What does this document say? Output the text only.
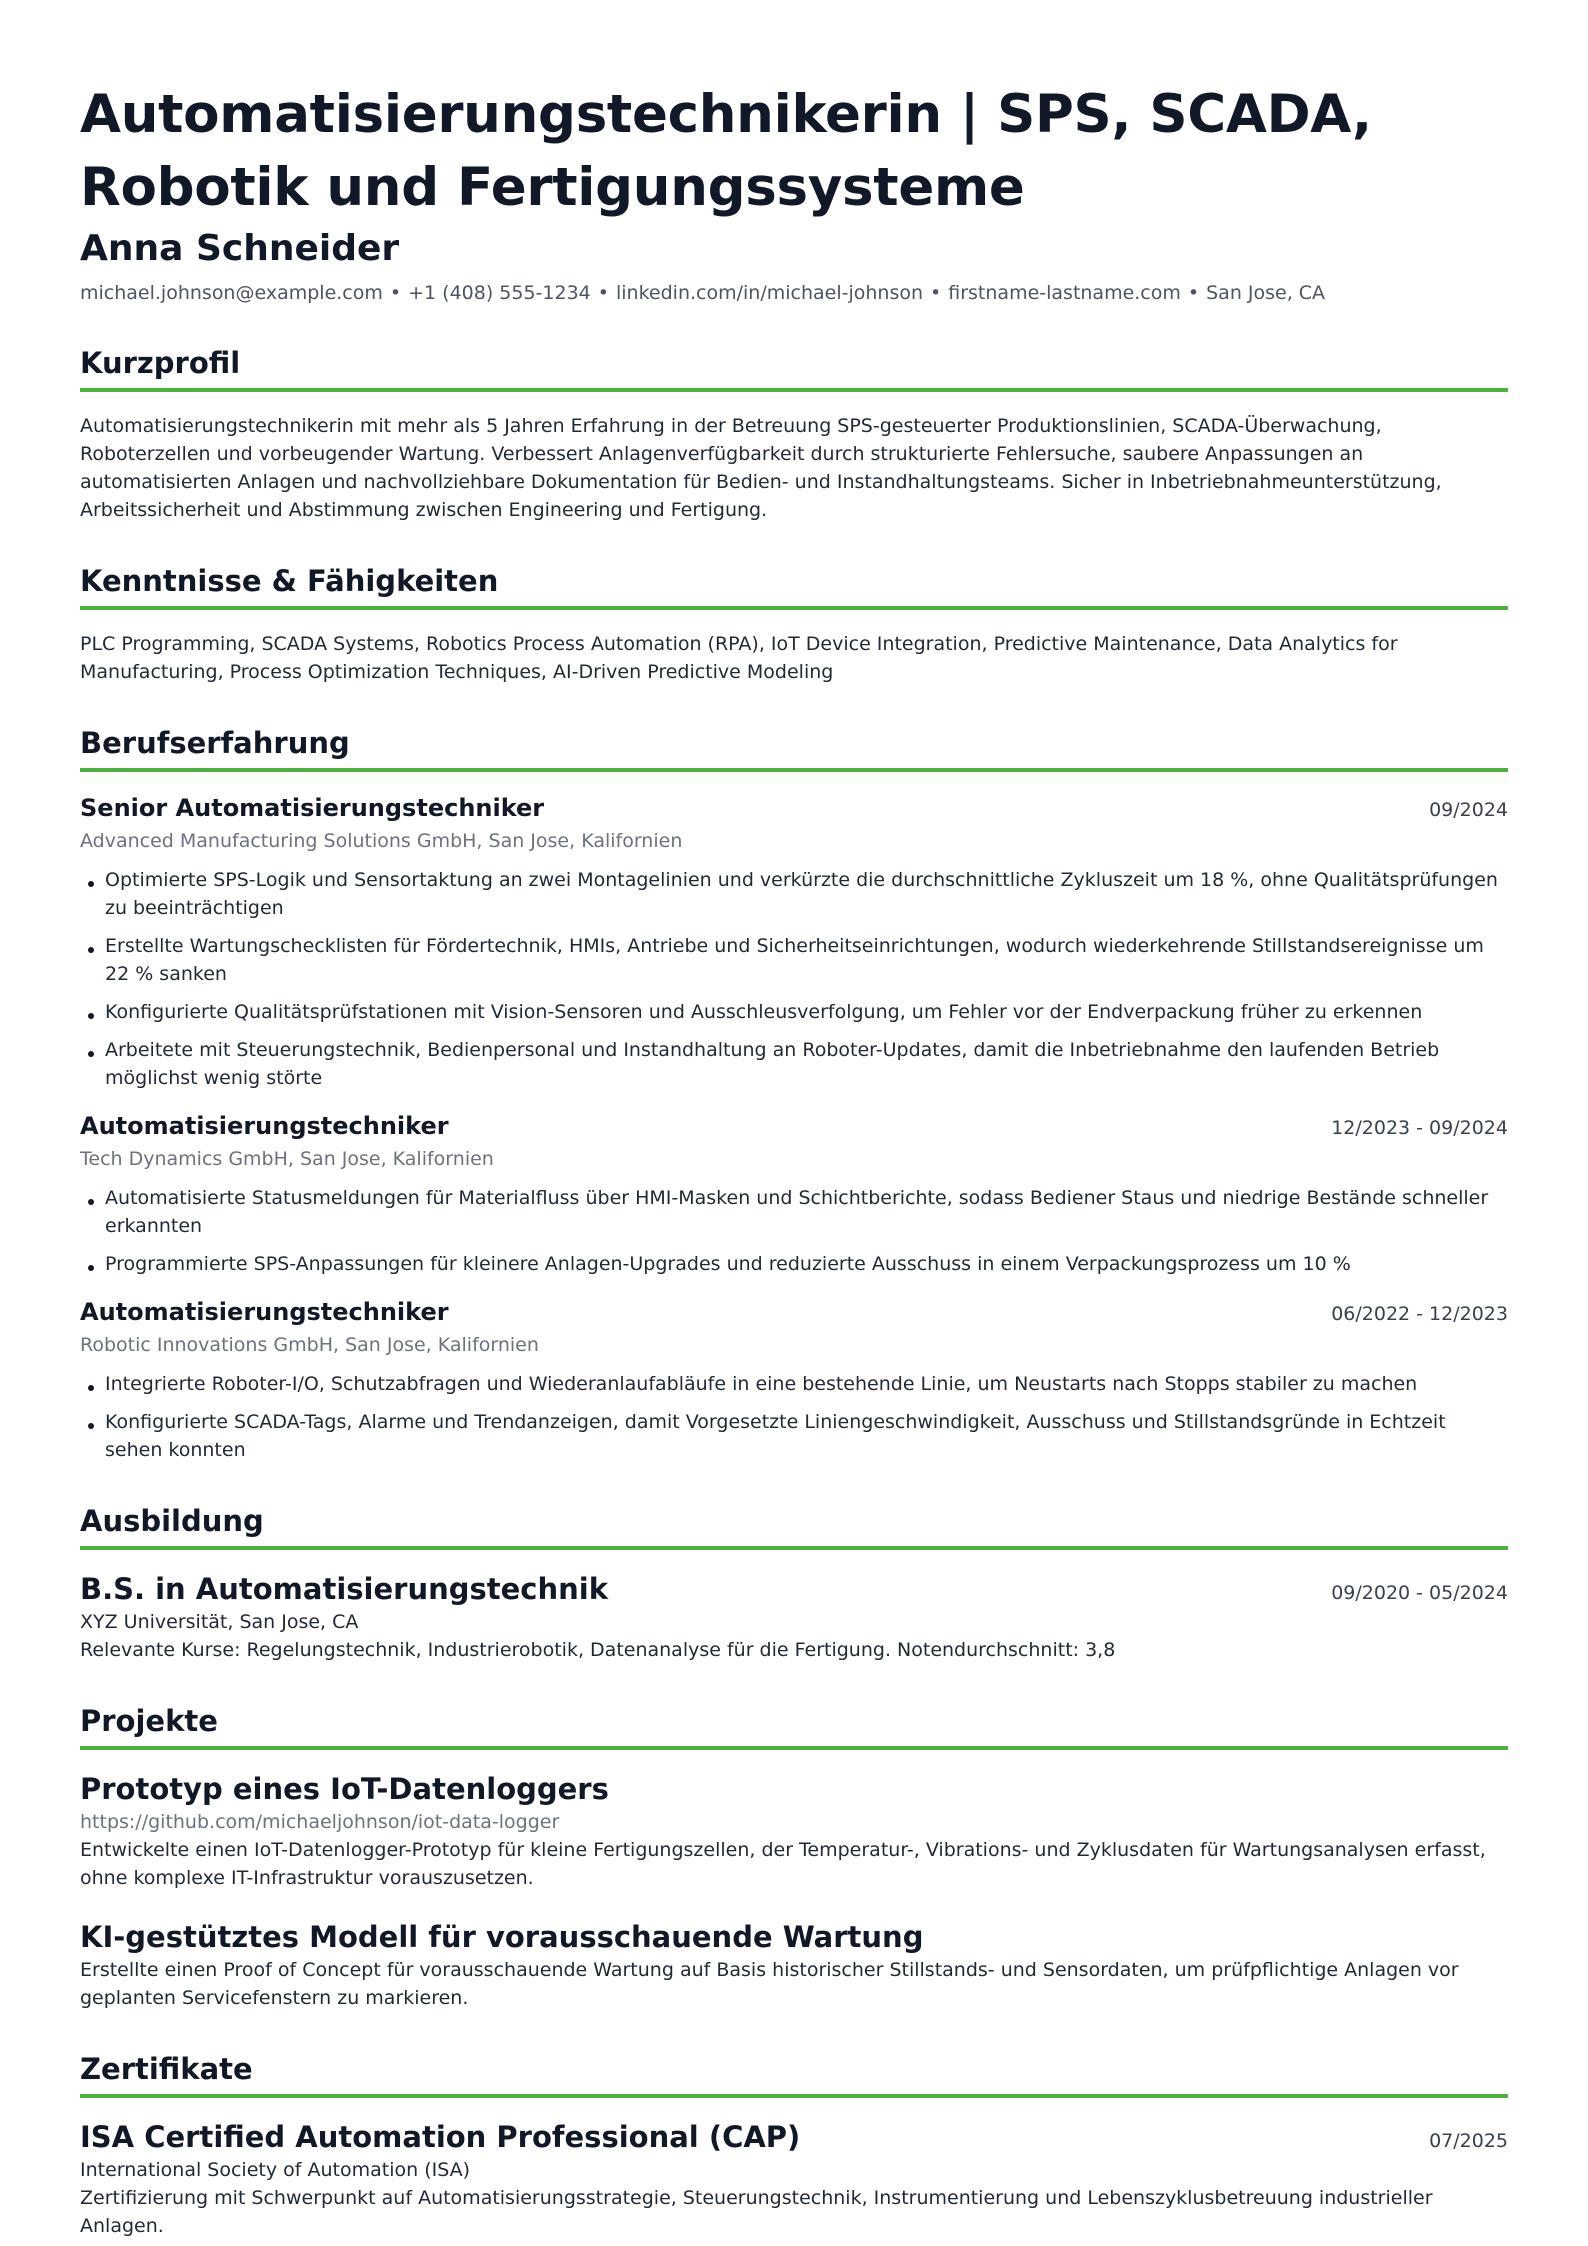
Automatisierungstechnikerin | SPS, SCADA, Robotik und Fertigungssysteme
Anna Schneider
michael.johnson@example.com • +1 (408) 555-1234 • linkedin.com/in/michael-johnson • firstname-lastname.com • San Jose, CA
Kurzprofil
Automatisierungstechnikerin mit mehr als 5 Jahren Erfahrung in der Betreuung SPS-gesteuerter Produktionslinien, SCADA-Überwachung, Roboterzellen und vorbeugender Wartung. Verbessert Anlagenverfügbarkeit durch strukturierte Fehlersuche, saubere Anpassungen an automatisierten Anlagen und nachvollziehbare Dokumentation für Bedien- und Instandhaltungsteams. Sicher in Inbetriebnahmeunterstützung, Arbeitssicherheit und Abstimmung zwischen Engineering und Fertigung.
Kenntnisse & Fähigkeiten
PLC Programming, SCADA Systems, Robotics Process Automation (RPA), IoT Device Integration, Predictive Maintenance, Data Analytics for Manufacturing, Process Optimization Techniques, AI-Driven Predictive Modeling
Berufserfahrung
Senior Automatisierungstechniker	09/2024
Advanced Manufacturing Solutions GmbH, San Jose, Kalifornien
Optimierte SPS-Logik und Sensortaktung an zwei Montagelinien und verkürzte die durchschnittliche Zykluszeit um 18 %, ohne Qualitätsprüfungen zu beeinträchtigen
Erstellte Wartungschecklisten für Fördertechnik, HMIs, Antriebe und Sicherheitseinrichtungen, wodurch wiederkehrende Stillstandsereignisse um 22 % sanken
Konfigurierte Qualitätsprüfstationen mit Vision-Sensoren und Ausschleusverfolgung, um Fehler vor der Endverpackung früher zu erkennen
Arbeitete mit Steuerungstechnik, Bedienpersonal und Instandhaltung an Roboter-Updates, damit die Inbetriebnahme den laufenden Betrieb möglichst wenig störte
Automatisierungstechniker	12/2023 - 09/2024
Tech Dynamics GmbH, San Jose, Kalifornien
Automatisierte Statusmeldungen für Materialfluss über HMI-Masken und Schichtberichte, sodass Bediener Staus und niedrige Bestände schneller erkannten
Programmierte SPS-Anpassungen für kleinere Anlagen-Upgrades und reduzierte Ausschuss in einem Verpackungsprozess um 10 %
Automatisierungstechniker	06/2022 - 12/2023
Robotic Innovations GmbH, San Jose, Kalifornien
Integrierte Roboter-I/O, Schutzabfragen und Wiederanlaufabläufe in eine bestehende Linie, um Neustarts nach Stopps stabiler zu machen
Konfigurierte SCADA-Tags, Alarme und Trendanzeigen, damit Vorgesetzte Liniengeschwindigkeit, Ausschuss und Stillstandsgründe in Echtzeit sehen konnten
Ausbildung
B.S. in Automatisierungstechnik	09/2020 - 05/2024
XYZ Universität, San Jose, CA
Relevante Kurse: Regelungstechnik, Industrierobotik, Datenanalyse für die Fertigung. Notendurchschnitt: 3,8
Projekte
Prototyp eines IoT-Datenloggers
https://github.com/michaeljohnson/iot-data-logger
Entwickelte einen IoT-Datenlogger-Prototyp für kleine Fertigungszellen, der Temperatur-, Vibrations- und Zyklusdaten für Wartungsanalysen erfasst, ohne komplexe IT-Infrastruktur vorauszusetzen.
KI-gestütztes Modell für vorausschauende Wartung
Erstellte einen Proof of Concept für vorausschauende Wartung auf Basis historischer Stillstands- und Sensordaten, um prüfpflichtige Anlagen vor geplanten Servicefenstern zu markieren.
Zertifikate
ISA Certified Automation Professional (CAP)	07/2025
International Society of Automation (ISA)
Zertifizierung mit Schwerpunkt auf Automatisierungsstrategie, Steuerungstechnik, Instrumentierung und Lebenszyklusbetreuung industrieller Anlagen.
